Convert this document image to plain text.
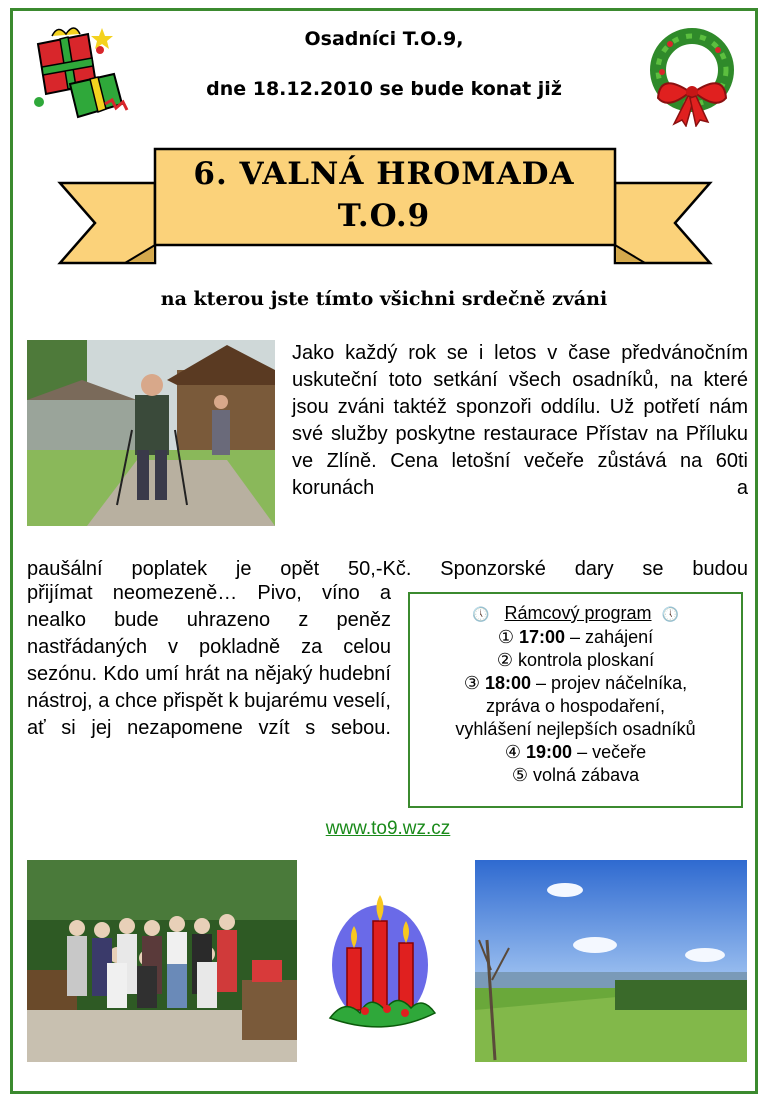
Osadníci T.O.9,
dne 18.12.2010 se bude konat již
6. VALNÁ HROMADA
T.O.9
na kterou jste tímto všichni srdečně zváni
Jako každý rok se i letos v čase předvánočním uskuteční toto setkání všech osadníků, na které jsou zváni taktéž sponzoři oddílu. Už potřetí nám své služby poskytne restaurace Přístav na Příluku ve Zlíně. Cena letošní večeře zůstává na 60ti korunách a
paušální poplatek je opět 50,-Kč. Sponzorské dary se budou
přijímat neomezeně… Pivo, víno a nealko bude uhrazeno z peněz nastřádaných v pokladně za celou sezónu. Kdo umí hrát na nějaký hudební nástroj, a chce přispět k bujarému veselí, ať si jej nezapomene vzít s sebou.
🕔 Rámcový program 🕔
① 17:00 – zahájení
② kontrola ploskaní
③ 18:00 – projev náčelníka,
zpráva o hospodaření,
vyhlášení nejlepších osadníků
④ 19:00 – večeře
⑤ volná zábava
www.to9.wz.cz
